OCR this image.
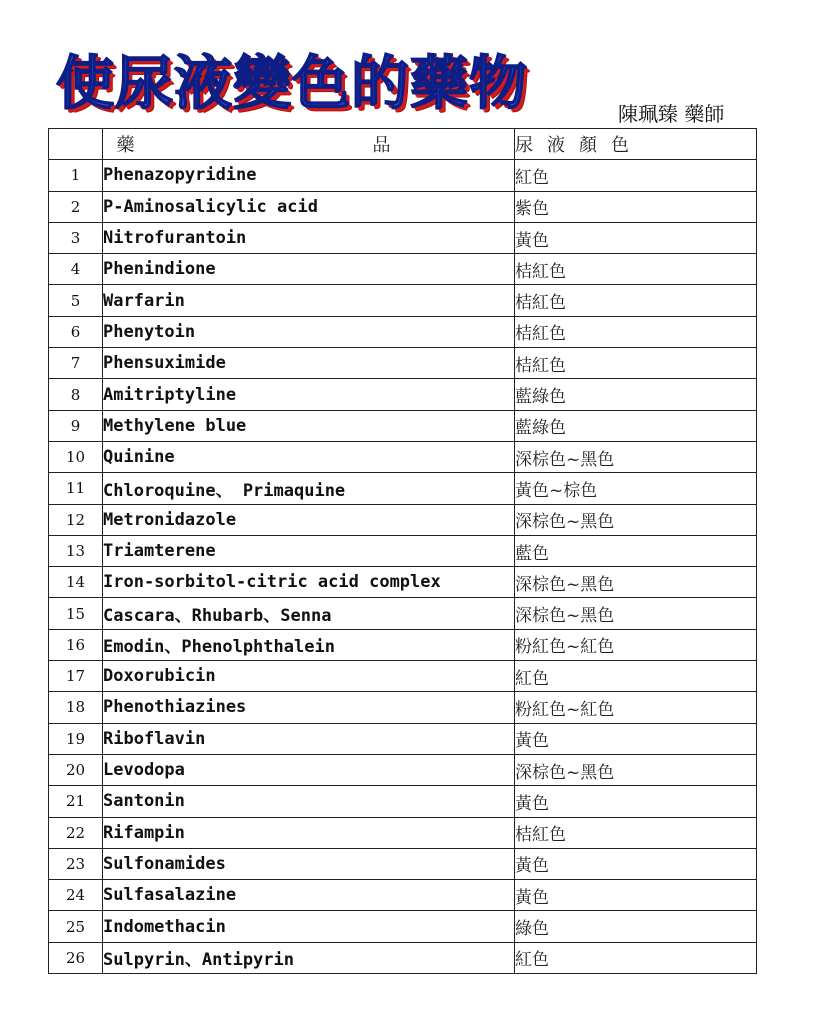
使尿液變色的藥物	陳珮臻 藥師
	藥　品	尿液顏色
1	Phenazopyridine	紅色
2	P-Aminosalicylic acid	紫色
3	Nitrofurantoin	黃色
4	Phenindione	桔紅色
5	Warfarin	桔紅色
6	Phenytoin	桔紅色
7	Phensuximide	桔紅色
8	Amitriptyline	藍綠色
9	Methylene blue	藍綠色
10	Quinine	深棕色~黑色
11	Chloroquine、 Primaquine	黃色~棕色
12	Metronidazole	深棕色~黑色
13	Triamterene	藍色
14	Iron-sorbitol-citric acid complex	深棕色~黑色
15	Cascara、Rhubarb、Senna	深棕色~黑色
16	Emodin、Phenolphthalein	粉紅色~紅色
17	Doxorubicin	紅色
18	Phenothiazines	粉紅色~紅色
19	Riboflavin	黃色
20	Levodopa	深棕色~黑色
21	Santonin	黃色
22	Rifampin	桔紅色
23	Sulfonamides	黃色
24	Sulfasalazine	黃色
25	Indomethacin	綠色
26	Sulpyrin、Antipyrin	紅色
